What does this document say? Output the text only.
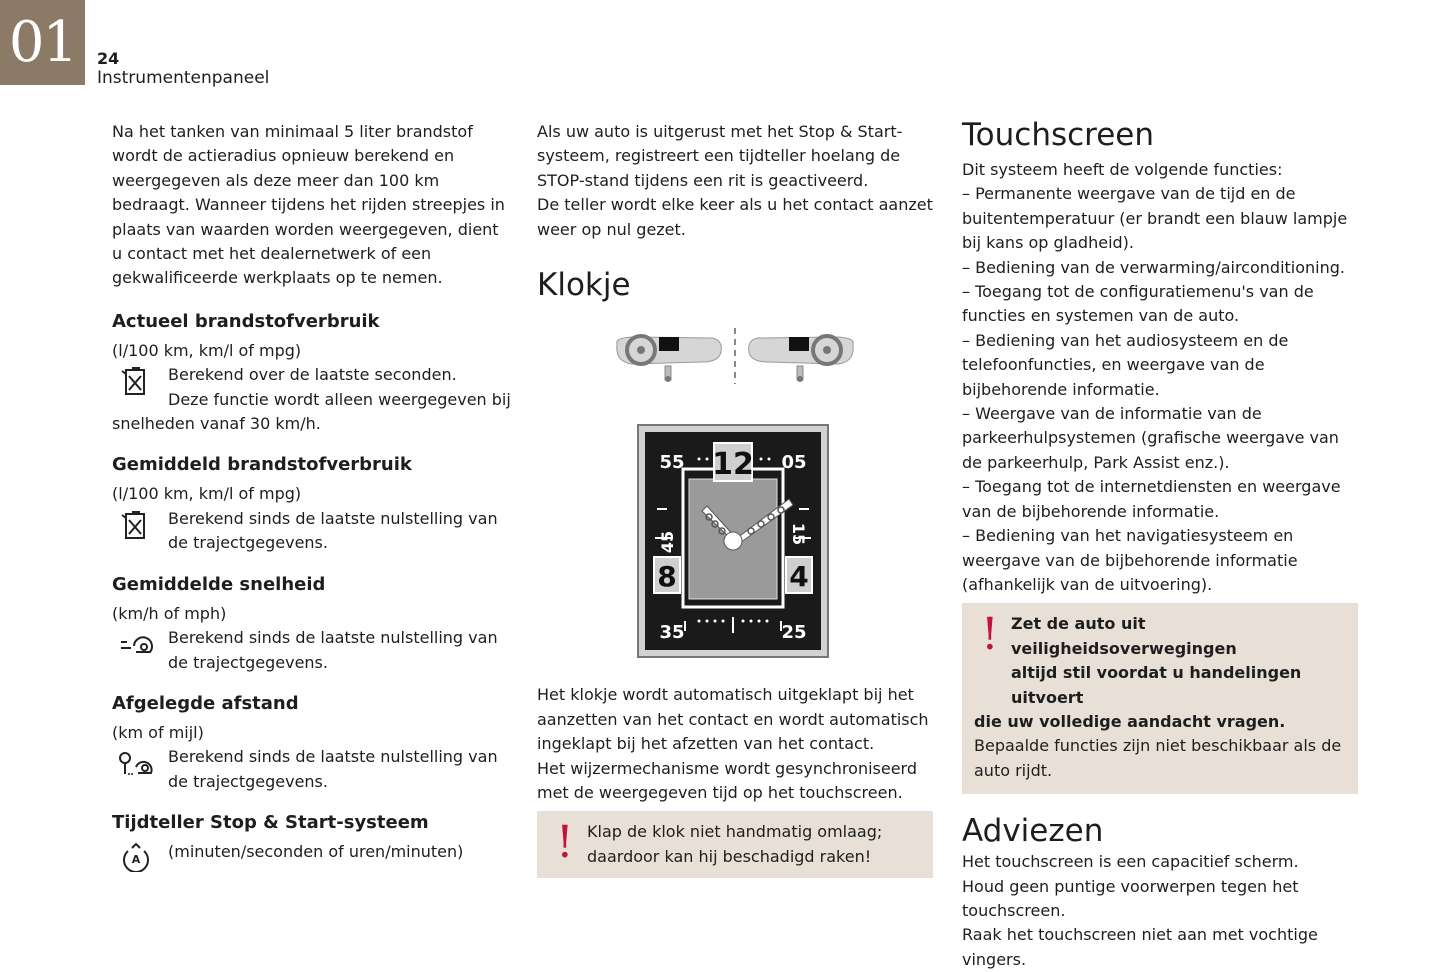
01	24
Instrumentenpaneel

Na het tanken van minimaal 5 liter brandstof wordt de actieradius opnieuw berekend en weergegeven als deze meer dan 100 km bedraagt. Wanneer tijdens het rijden streepjes in plaats van waarden worden weergegeven, dient u contact met het dealernetwerk of een gekwalificeerde werkplaats op te nemen.

Actueel brandstofverbruik

(l/100 km, km/l of mpg)

Berekend over de laatste seconden.

Deze functie wordt alleen weergegeven bij

snelheden vanaf 30 km/h.

Gemiddeld brandstofverbruik

(l/100 km, km/l of mpg)

Berekend sinds de laatste nulstelling van

de trajectgegevens.

Gemiddelde snelheid

(km/h of mph)

Berekend sinds de laatste nulstelling van

de trajectgegevens.

Afgelegde afstand

(km of mijl)

Berekend sinds de laatste nulstelling van

de trajectgegevens.

Tijdteller Stop & Start-systeem
A (minuten/seconden of uren/minuten)

Als uw auto is uitgerust met het Stop & Start-systeem, registreert een tijdteller hoelang de STOP-stand tijdens een rit is geactiveerd.

De teller wordt elke keer als u het contact aanzet weer op nul gezet.

Klokje
12
8	4
55	05
35	25
45	15

Het klokje wordt automatisch uitgeklapt bij het aanzetten van het contact en wordt automatisch ingeklapt bij het afzetten van het contact.

Het wijzermechanisme wordt gesynchroniseerd met de weergegeven tijd op het touchscreen.

! Klap de klok niet handmatig omlaag; daardoor kan hij beschadigd raken!

Touchscreen

Dit systeem heeft de volgende functies:

– Permanente weergave van de tijd en de buitentemperatuur (er brandt een blauw lampje bij kans op gladheid).

– Bediening van de verwarming/airconditioning.

– Toegang tot de configuratiemenu's van de functies en systemen van de auto.

– Bediening van het audiosysteem en de telefoonfuncties, en weergave van de bijbehorende informatie.

– Weergave van de informatie van de parkeerhulpsystemen (grafische weergave van de parkeerhulp, Park Assist enz.).

– Toegang tot de internetdiensten en weergave van de bijbehorende informatie.

– Bediening van het navigatiesysteem en weergave van de bijbehorende informatie (afhankelijk van de uitvoering).

! Zet de auto uit veiligheidsoverwegingen

altijd stil voordat u handelingen uitvoert

die uw volledige aandacht vragen.

Bepaalde functies zijn niet beschikbaar als de auto rijdt.

Adviezen

Het touchscreen is een capacitief scherm.

Houd geen puntige voorwerpen tegen het touchscreen.

Raak het touchscreen niet aan met vochtige vingers.
